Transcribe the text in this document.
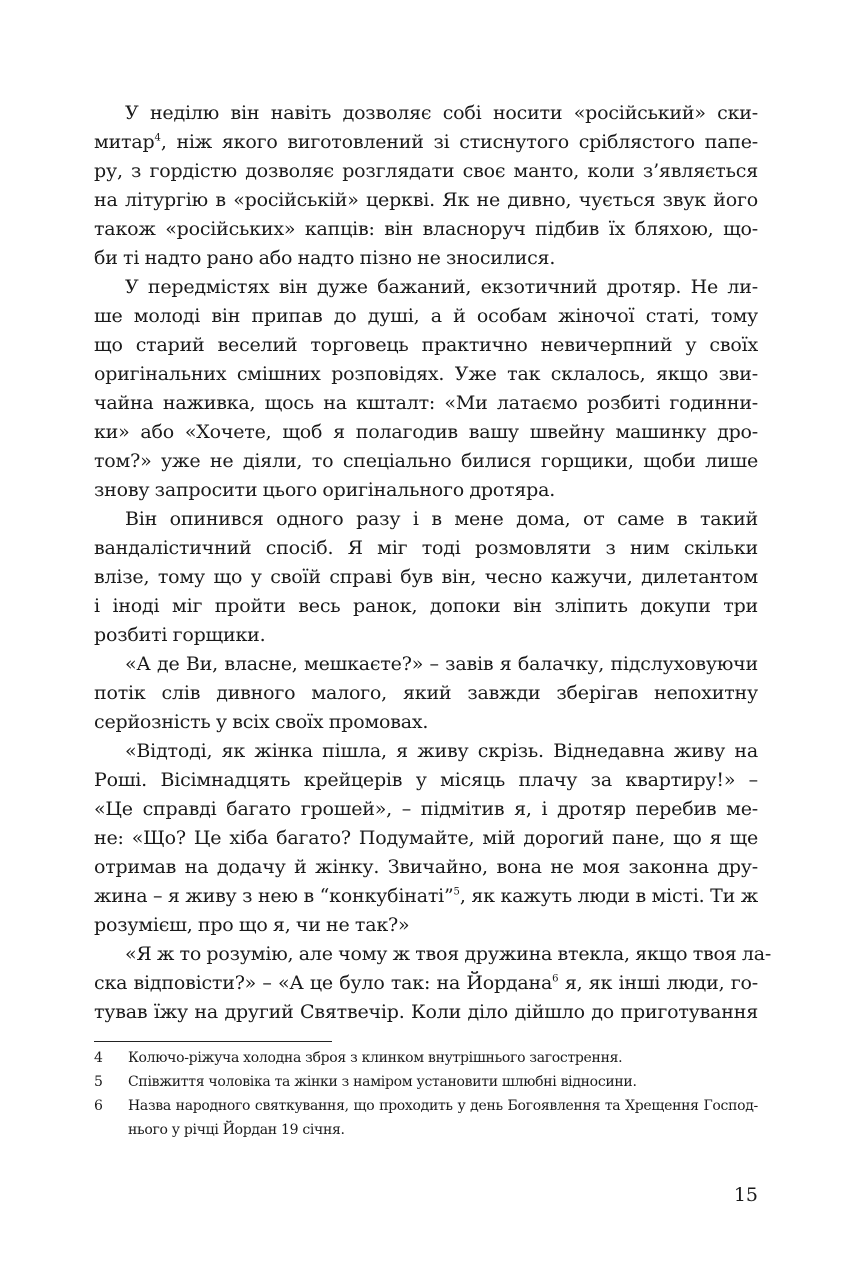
У неділю він навіть дозволяє собі носити «російський» ски-
митар$^4$, ніж якого виготовлений зі стиснутого сріблястого папе-
ру, з гордістю дозволяє розглядати своє манто, коли з’являється
на літургію в «російській» церкві. Як не дивно, чується звук його
також «російських» капців: він власноруч підбив їх бляхою, що-
би ті надто рано або надто пізно не зносилися.
У передмістях він дуже бажаний, екзотичний дротяр. Не ли-
ше молоді він припав до душі, а й особам жіночої статі, тому
що старий веселий торговець практично невичерпний у своїх
оригінальних смішних розповідях. Уже так склалось, якщо зви-
чайна наживка, щось на кшталт: «Ми латаємо розбиті годинни-
ки» або «Хочете, щоб я полагодив вашу швейну машинку дро-
том?» уже не діяли, то спеціально билися горщики, щоби лише
знову запросити цього оригінального дротяра.
Він опинився одного разу і в мене дома, от саме в такий
вандалістичний спосіб. Я міг тоді розмовляти з ним скільки
влізе, тому що у своїй справі був він, чесно кажучи, дилетантом
і іноді міг пройти весь ранок, допоки він зліпить докупи три
розбиті горщики.
«А де Ви, власне, мешкаєте?» – завів я балачку, підслуховуючи
потік слів дивного малого, який завжди зберігав непохитну
серйозність у всіх своїх промовах.
«Відтоді, як жінка пішла, я живу скрізь. Віднедавна живу на
Роші. Вісімнадцять крейцерів у місяць плачу за квартиру!» –
«Це справді багато грошей», – підмітив я, і дротяр перебив ме-
не: «Що? Це хіба багато? Подумайте, мій дорогий пане, що я ще
отримав на додачу й жінку. Звичайно, вона не моя законна дру-
жина – я живу з нею в “конкубінаті”$^5$, як кажуть люди в місті. Ти ж
розумієш, про що я, чи не так?»
«Я ж то розумію, але чому ж твоя дружина втекла, якщо твоя ла-
ска відповісти?» – «А це було так: на Йордана$^6$ я, як інші люди, го-
тував їжу на другий Святвечір. Коли діло дійшло до приготування
4 Колючо-ріжуча холодна зброя з клинком внутрішнього загострення.
5 Співжиття чоловіка та жінки з наміром установити шлюбні відносини.
6 Назва народного святкування, що проходить у день Богоявлення та Хрещення Господ-
нього у річці Йордан 19 січня.
15
